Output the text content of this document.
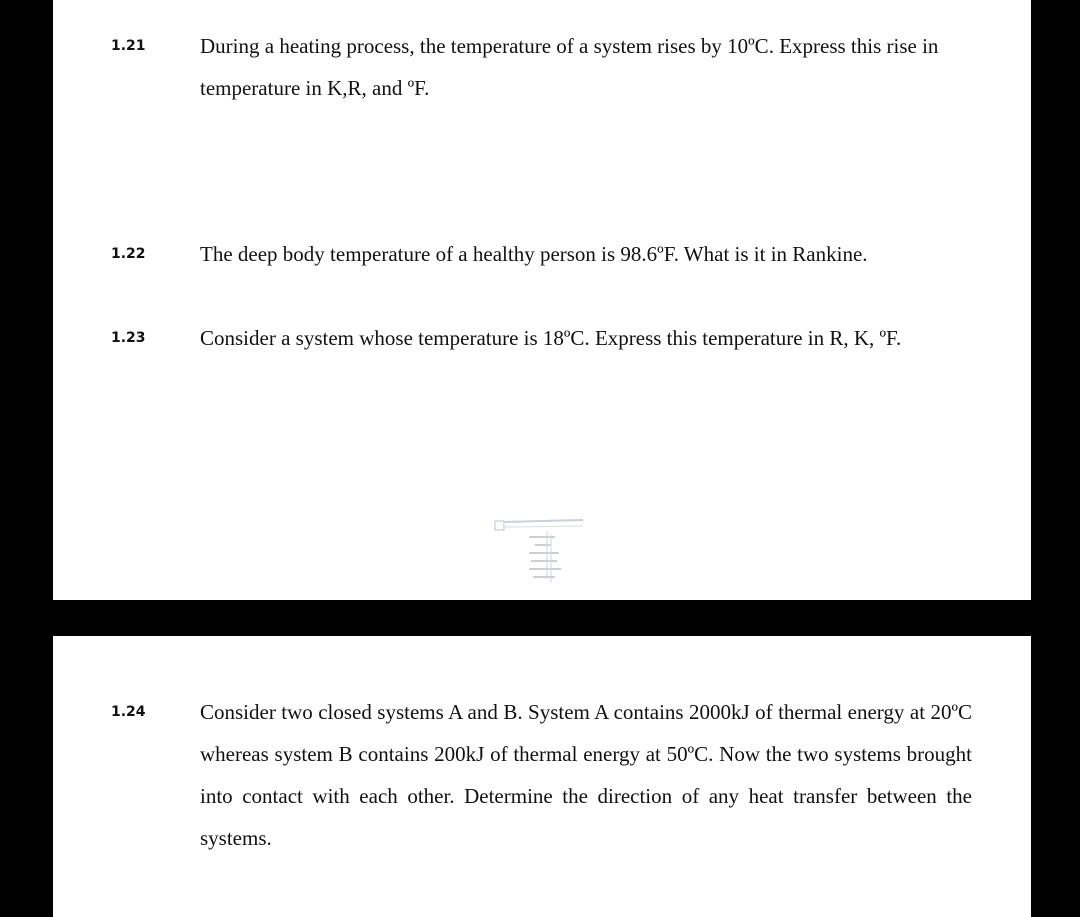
1.21	During a heating process, the temperature of a system rises by 10ºC. Express this rise in temperature in K,R, and ºF.
1.22	The deep body temperature of a healthy person is 98.6ºF. What is it in Rankine.
1.23	Consider a system whose temperature is 18ºC. Express this temperature in R, K, ºF.
1.24	Consider two closed systems A and B. System A contains 2000kJ of thermal energy at 20ºC whereas system B contains 200kJ of thermal energy at 50ºC. Now the two systems brought into contact with each other. Determine the direction of any heat transfer between the systems.
